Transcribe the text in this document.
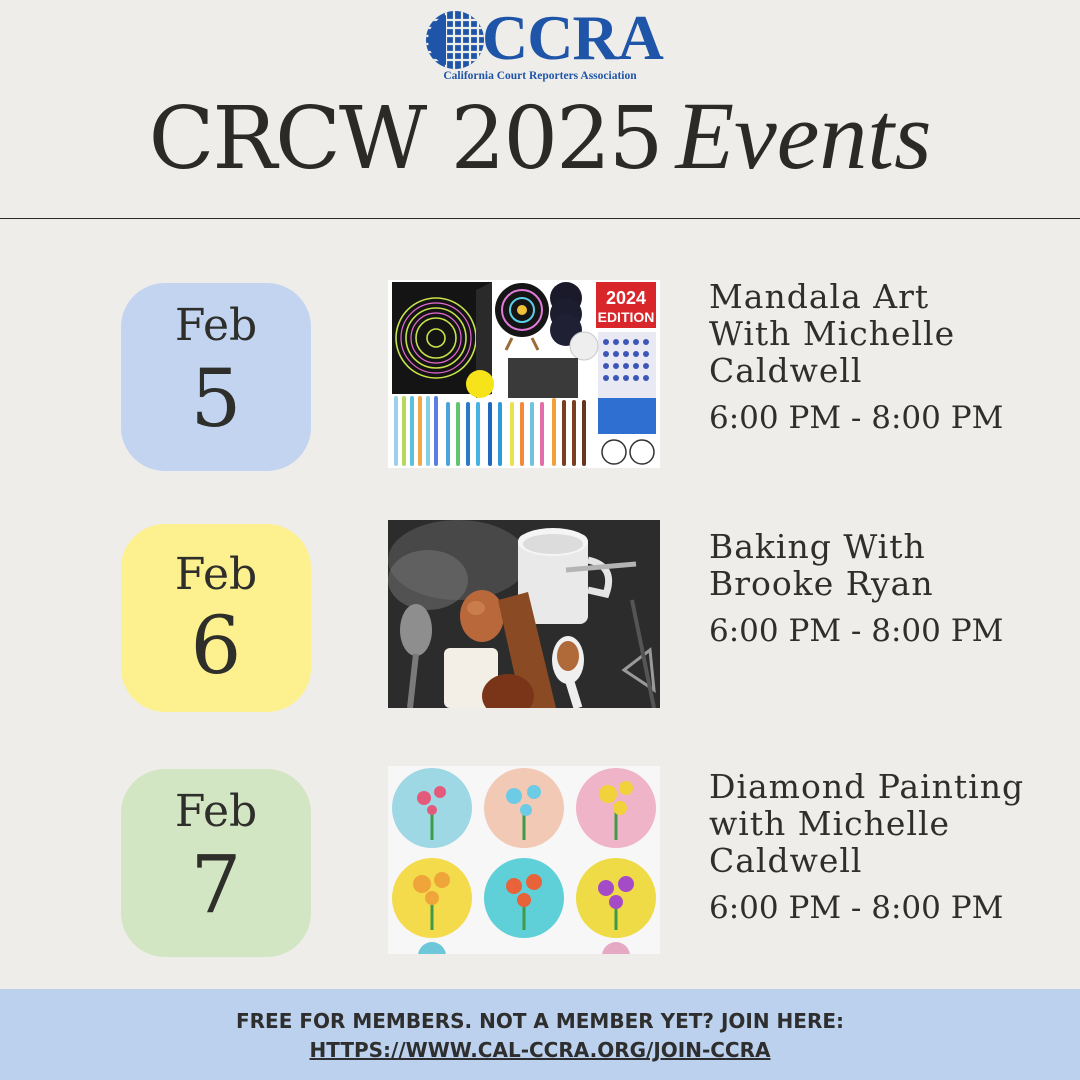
CCRA
California Court Reporters Association
CRCW 2025 Events
Feb
5
2024
EDITION
Mandala Art
With Michelle
Caldwell
6:00 PM - 8:00 PM
Feb
6
Baking With
Brooke Ryan
6:00 PM - 8:00 PM
Feb
7
Diamond Painting
with Michelle
Caldwell
6:00 PM - 8:00 PM
FREE FOR MEMBERS. NOT A MEMBER YET? JOIN HERE:
HTTPS://WWW.CAL-CCRA.ORG/JOIN-CCRA
